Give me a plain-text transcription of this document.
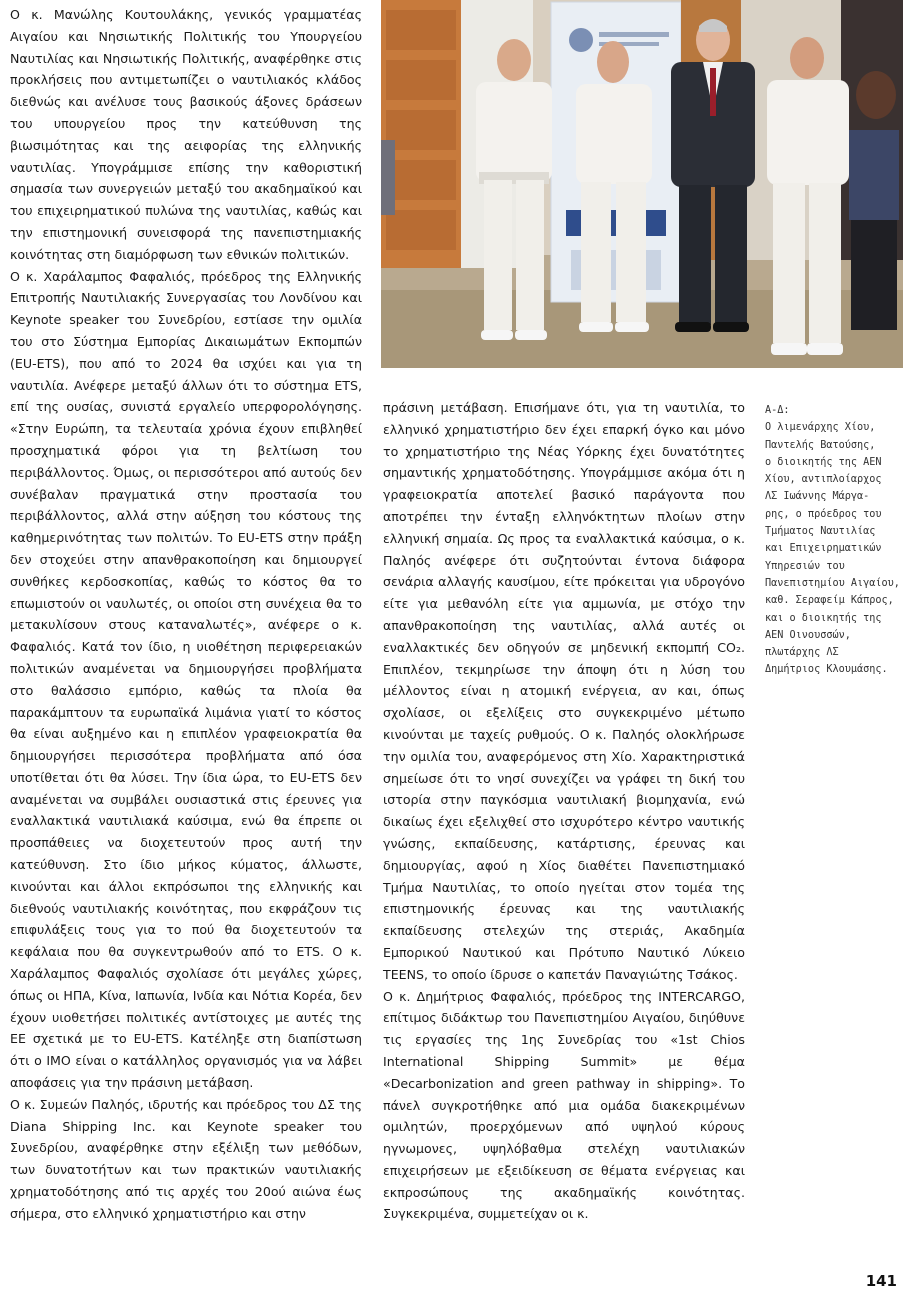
Ο κ. Μανώλης Κουτουλάκης, γενικός γραμματέας Αιγαίου και Νησιωτικής Πολιτικής του Υπουργείου Ναυτιλίας και Νησιωτικής Πολιτικής, αναφέρθηκε στις προκλήσεις που αντιμετωπίζει ο ναυτιλιακός κλάδος διεθνώς και ανέλυσε τους βασικούς άξονες δράσεων του υπουργείου προς την κατεύθυνση της βιωσιμότητας και της αειφορίας της ελληνικής ναυτιλίας. Υπογράμμισε επίσης την καθοριστική σημασία των συνεργειών μεταξύ του ακαδημαϊκού και του επιχειρηματικού πυλώνα της ναυτιλίας, καθώς και την επιστημονική συνεισφορά της πανεπιστημιακής κοινότητας στη διαμόρφωση των εθνικών πολιτικών.

Ο κ. Χαράλαμπος Φαφαλιός, πρόεδρος της Ελληνικής Επιτροπής Ναυτιλιακής Συνεργασίας του Λονδίνου και Keynote speaker του Συνεδρίου, εστίασε την ομιλία του στο Σύστημα Εμπορίας Δικαιωμάτων Εκπομπών (EU-ETS), που από το 2024 θα ισχύει και για τη ναυτιλία. Ανέφερε μεταξύ άλλων ότι το σύστημα ETS, επί της ουσίας, συνιστά εργαλείο υπερφορολόγησης. «Στην Ευρώπη, τα τελευταία χρόνια έχουν επιβληθεί προσχηματικά φόροι για τη βελτίωση του περιβάλλοντος. Όμως, οι περισσότεροι από αυτούς δεν συνέβαλαν πραγματικά στην προστασία του περιβάλλοντος, αλλά στην αύξηση του κόστους της καθημερινότητας των πολιτών. Το EU-ETS στην πράξη δεν στοχεύει στην απανθρακοποίηση και δημιουργεί συνθήκες κερδοσκοπίας, καθώς το κόστος θα το επωμιστούν οι ναυλωτές, οι οποίοι στη συνέχεια θα το μετακυλίσουν στους καταναλωτές», ανέφερε ο κ. Φαφαλιός. Κατά τον ίδιο, η υιοθέτηση περιφερειακών πολιτικών αναμένεται να δημιουργήσει προβλήματα στο θαλάσσιο εμπόριο, καθώς τα πλοία θα παρακάμπτουν τα ευρωπαϊκά λιμάνια γιατί το κόστος θα είναι αυξημένο και η επιπλέον γραφειοκρατία θα δημιουργήσει περισσότερα προβλήματα από όσα υποτίθεται ότι θα λύσει. Την ίδια ώρα, το EU-ETS δεν αναμένεται να συμβάλει ουσιαστικά στις έρευνες για εναλλακτικά ναυτιλιακά καύσιμα, ενώ θα έπρεπε οι προσπάθειες να διοχετευτούν προς αυτή την κατεύθυνση. Στο ίδιο μήκος κύματος, άλλωστε, κινούνται και άλλοι εκπρόσωποι της ελληνικής και διεθνούς ναυτιλιακής κοινότητας, που εκφράζουν τις επιφυλάξεις τους για το πού θα διοχετευτούν τα κεφάλαια που θα συγκεντρωθούν από το ETS. Ο κ. Χαράλαμπος Φαφαλιός σχολίασε ότι μεγάλες χώρες, όπως οι ΗΠΑ, Κίνα, Ιαπωνία, Ινδία και Νότια Κορέα, δεν έχουν υιοθετήσει πολιτικές αντίστοιχες με αυτές της ΕΕ σχετικά με το EU-ETS. Κατέληξε στη διαπίστωση ότι ο IMO είναι ο κατάλληλος οργανισμός για να λάβει αποφάσεις για την πράσινη μετάβαση.

Ο κ. Συμεών Παληός, ιδρυτής και πρόεδρος του ΔΣ της Diana Shipping Inc. και Keynote speaker του Συνεδρίου, αναφέρθηκε στην εξέλιξη των μεθόδων, των δυνατοτήτων και των πρακτικών ναυτιλιακής χρηματοδότησης από τις αρχές του 20ού αιώνα έως σήμερα, στο ελληνικό χρηματιστήριο και στην

πράσινη μετάβαση. Επισήμανε ότι, για τη ναυτιλία, το ελληνικό χρηματιστήριο δεν έχει επαρκή όγκο και μόνο το χρηματιστήριο της Νέας Υόρκης έχει δυνατότητες σημαντικής χρηματοδότησης. Υπογράμμισε ακόμα ότι η γραφειοκρατία αποτελεί βασικό παράγοντα που αποτρέπει την ένταξη ελληνόκτητων πλοίων στην ελληνική σημαία. Ως προς τα εναλλακτικά καύσιμα, ο κ. Παληός ανέφερε ότι συζητούνται έντονα διάφορα σενάρια αλλαγής καυσίμου, είτε πρόκειται για υδρογόνο είτε για μεθανόλη είτε για αμμωνία, με στόχο την απανθρακοποίηση της ναυτιλίας, αλλά αυτές οι εναλλακτικές δεν οδηγούν σε μηδενική εκπομπή CO₂. Επιπλέον, τεκμηρίωσε την άποψη ότι η λύση του μέλλοντος είναι η ατομική ενέργεια, αν και, όπως σχολίασε, οι εξελίξεις στο συγκεκριμένο μέτωπο κινούνται με ταχείς ρυθμούς. Ο κ. Παληός ολοκλήρωσε την ομιλία του, αναφερόμενος στη Χίο. Χαρακτηριστικά σημείωσε ότι το νησί συνεχίζει να γράφει τη δική του ιστορία στην παγκόσμια ναυτιλιακή βιομηχανία, ενώ δικαίως έχει εξελιχθεί στο ισχυρότερο κέντρο ναυτικής γνώσης, εκπαίδευσης, κατάρτισης, έρευνας και δημιουργίας, αφού η Χίος διαθέτει Πανεπιστημιακό Τμήμα Ναυτιλίας, το οποίο ηγείται στον τομέα της επιστημονικής έρευνας και της ναυτιλιακής εκπαίδευσης στελεχών της στεριάς, Ακαδημία Εμπορικού Ναυτικού και Πρότυπο Ναυτικό Λύκειο TEENS, το οποίο ίδρυσε ο καπετάν Παναγιώτης Τσάκος.

Ο κ. Δημήτριος Φαφαλιός, πρόεδρος της INTERCARGO, επίτιμος διδάκτωρ του Πανεπιστημίου Αιγαίου, διηύθυνε τις εργασίες της 1ης Συνεδρίας του «1st Chios International Shipping Summit» με θέμα «Decarbonization and green pathway in shipping». Το πάνελ συγκροτήθηκε από μια ομάδα διακεκριμένων ομιλητών, προερχόμενων από υψηλού κύρους ηγνωμονες, υψηλόβαθμα στελέχη ναυτιλιακών επιχειρήσεων με εξειδίκευση σε θέματα ενέργειας και εκπροσώπους της ακαδημαϊκής κοινότητας. Συγκεκριμένα, συμμετείχαν οι κ.

Α-Δ:
Ο λιμενάρχης Χίου,
Παντελής Βατούσης,
ο διοικητής της ΑΕΝ
Χίου, αντιπλοίαρχος
ΛΣ Ιωάννης Μάργα-
ρης, ο πρόεδρος του
Τμήματος Ναυτιλίας
και Επιχειρηματικών
Υπηρεσιών του
Πανεπιστημίου Αιγαίου,
καθ. Σεραφείμ Κάπρος,
και ο διοικητής της
ΑΕΝ Οινουσσών,
πλωτάρχης ΛΣ
Δημήτριος Κλουμάσης.
141
